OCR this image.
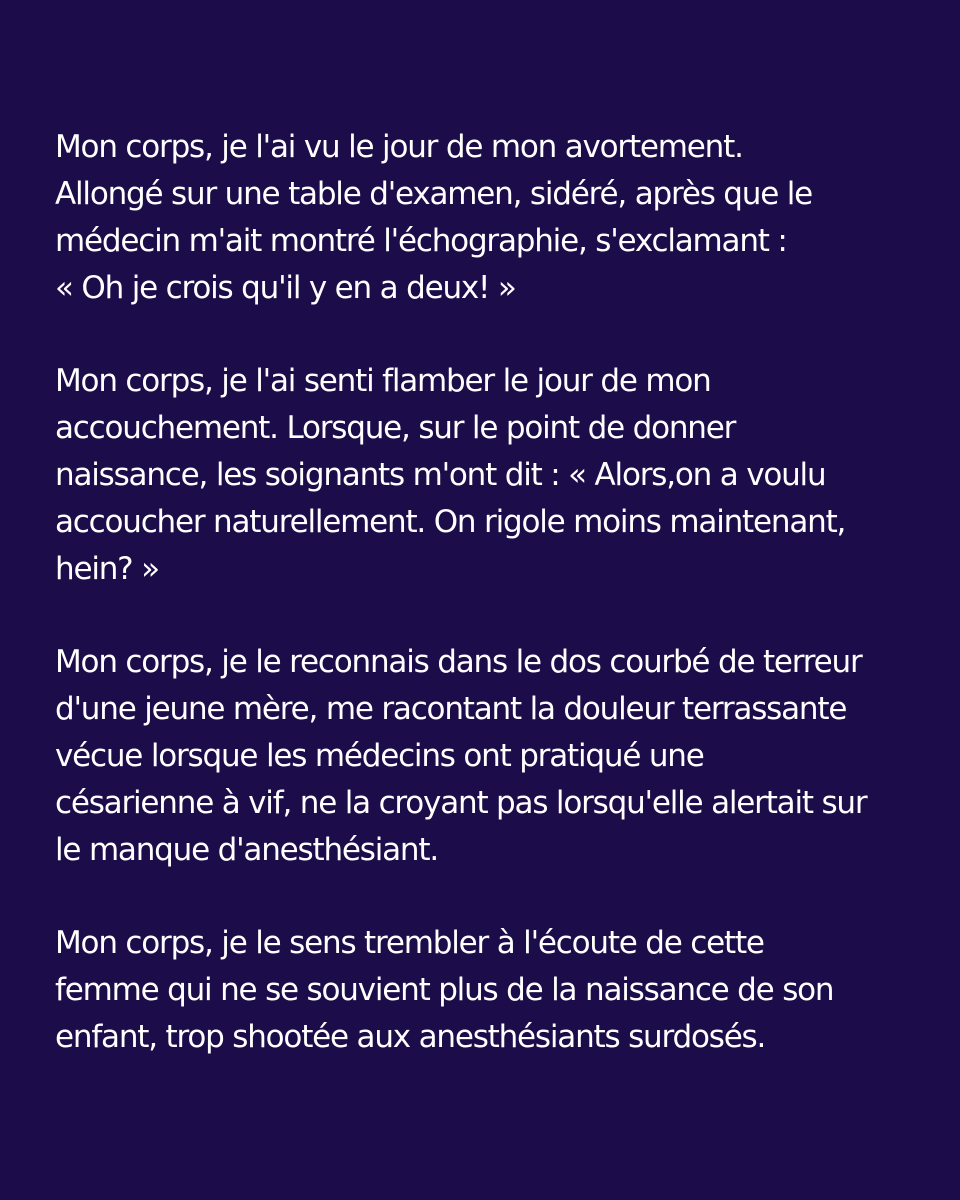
Mon corps, je l'ai vu le jour de mon avortement.
Allongé sur une table d'examen, sidéré, après que le
médecin m'ait montré l'échographie, s'exclamant :
« Oh je crois qu'il y en a deux! »

Mon corps, je l'ai senti flamber le jour de mon
accouchement. Lorsque, sur le point de donner
naissance, les soignants m'ont dit : « Alors,on a voulu
accoucher naturellement. On rigole moins maintenant,
hein? »

Mon corps, je le reconnais dans le dos courbé de terreur
d'une jeune mère, me racontant la douleur terrassante
vécue lorsque les médecins ont pratiqué une
césarienne à vif, ne la croyant pas lorsqu'elle alertait sur
le manque d'anesthésiant.

Mon corps, je le sens trembler à l'écoute de cette
femme qui ne se souvient plus de la naissance de son
enfant, trop shootée aux anesthésiants surdosés.
